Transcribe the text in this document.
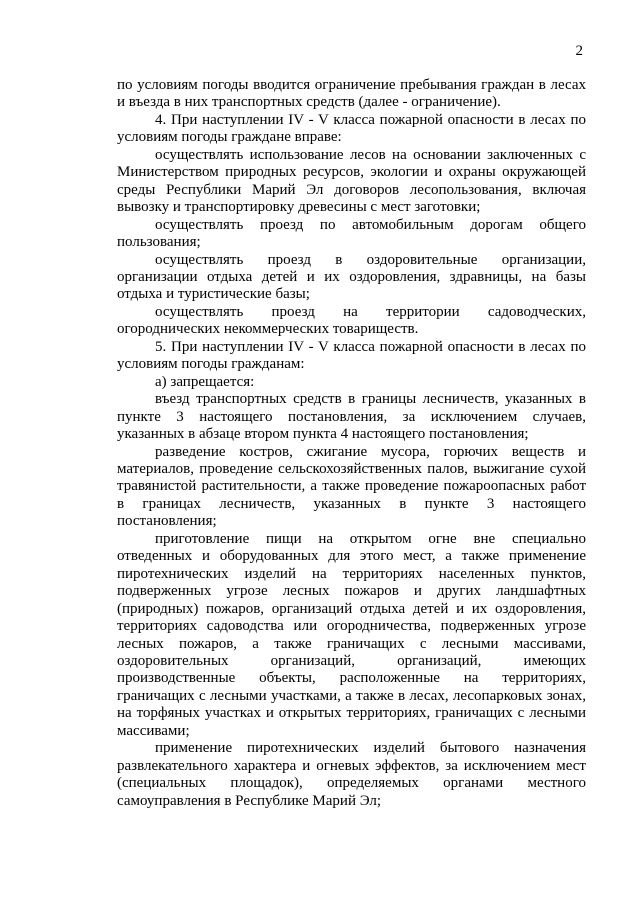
2

по условиям погоды вводится ограничение пребывания граждан в лесах и въезда в них транспортных средств (далее - ограничение).

4. При наступлении IV - V класса пожарной опасности в лесах по условиям погоды граждане вправе:

осуществлять использование лесов на основании заключенных с Министерством природных ресурсов, экологии и охраны окружающей среды Республики Марий Эл договоров лесопользования, включая вывозку и транспортировку древесины с мест заготовки;

осуществлять проезд по автомобильным дорогам общего пользования;

осуществлять проезд в оздоровительные организации, организации отдыха детей и их оздоровления, здравницы, на базы отдыха и туристические базы;

осуществлять проезд на территории садоводческих, огороднических некоммерческих товариществ.

5. При наступлении IV - V класса пожарной опасности в лесах по условиям погоды гражданам:

а) запрещается:

въезд транспортных средств в границы лесничеств, указанных в пункте 3 настоящего постановления, за исключением случаев, указанных в абзаце втором пункта 4 настоящего постановления;

разведение костров, сжигание мусора, горючих веществ и материалов, проведение сельскохозяйственных палов, выжигание сухой травянистой растительности, а также проведение пожароопасных работ в границах лесничеств, указанных в пункте 3 настоящего постановления;

приготовление пищи на открытом огне вне специально отведенных и оборудованных для этого мест, а также применение пиротехнических изделий на территориях населенных пунктов, подверженных угрозе лесных пожаров и других ландшафтных (природных) пожаров, организаций отдыха детей и их оздоровления, территориях садоводства или огородничества, подверженных угрозе лесных пожаров, а также граничащих с лесными массивами, оздоровительных организаций, организаций, имеющих производственные объекты, расположенные на территориях, граничащих с лесными участками, а также в лесах, лесопарковых зонах, на торфяных участках и открытых территориях, граничащих с лесными массивами;

применение пиротехнических изделий бытового назначения развлекательного характера и огневых эффектов, за исключением мест (специальных площадок), определяемых органами местного самоуправления в Республике Марий Эл;
